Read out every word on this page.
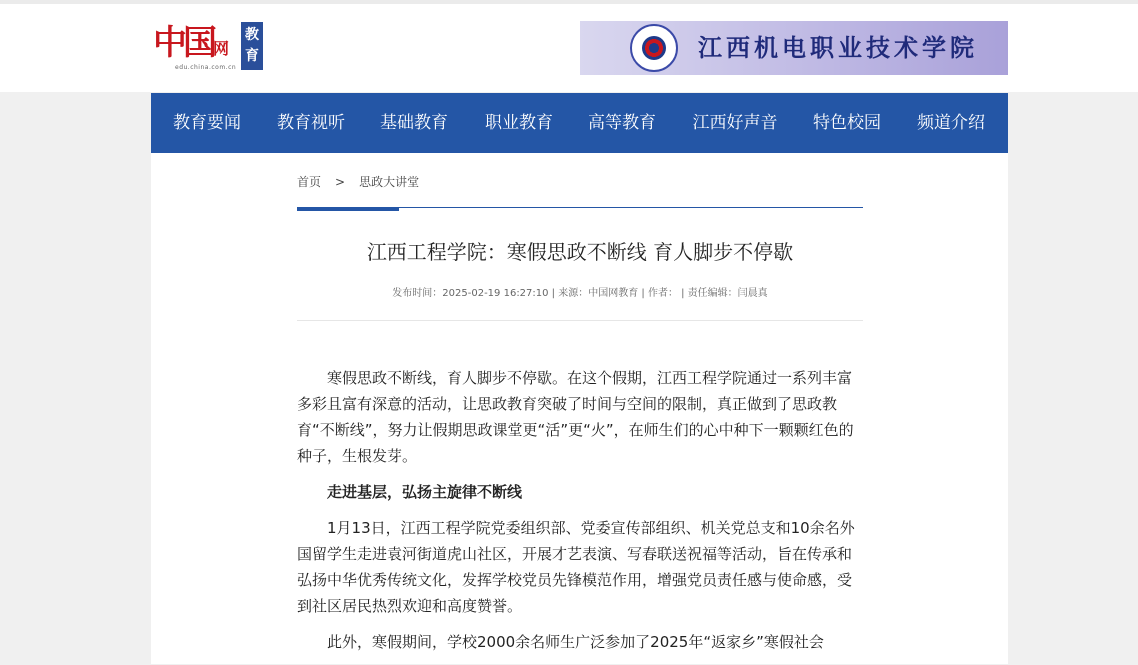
中国 网
edu.china.com.cn
教育	江西机电职业技术学院
教育要闻	教育视听	基础教育	职业教育	高等教育	江西好声音	特色校园	频道介绍
首页 > 思政大讲堂
江西工程学院：寒假思政不断线 育人脚步不停歇
发布时间：2025-02-19 16:27:10 | 来源：中国网教育 | 作者： | 责任编辑：闫晨真

寒假思政不断线，育人脚步不停歇。在这个假期，江西工程学院通过一系列丰富多彩且富有深意的活动，让思政教育突破了时间与空间的限制，真正做到了思政教育“不断线”，努力让假期思政课堂更“活”更“火”，在师生们的心中种下一颗颗红色的种子，生根发芽。

走进基层，弘扬主旋律不断线

1月13日，江西工程学院党委组织部、党委宣传部组织、机关党总支和10余名外国留学生走进袁河街道虎山社区，开展才艺表演、写春联送祝福等活动，旨在传承和弘扬中华优秀传统文化，发挥学校党员先锋模范作用，增强党员责任感与使命感，受到社区居民热烈欢迎和高度赞誉。

此外，寒假期间，学校2000余名师生广泛参加了2025年“返家乡”寒假社会
